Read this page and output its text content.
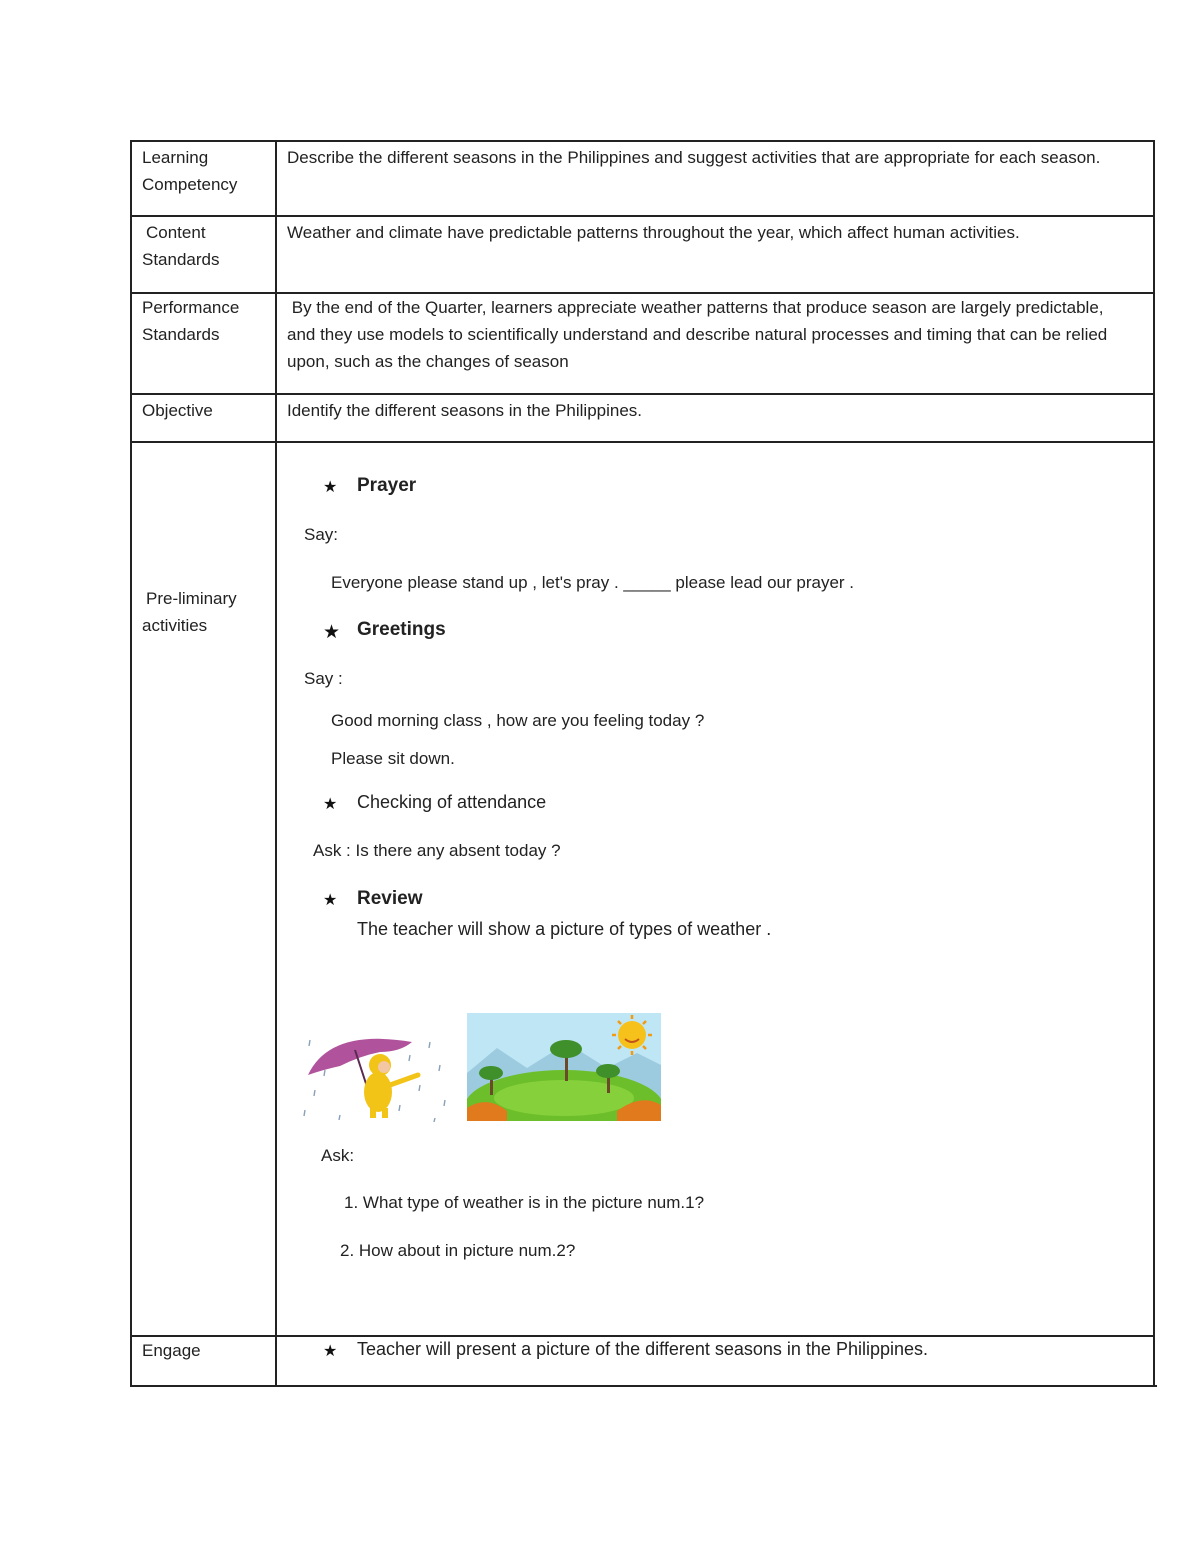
Learning
Competency
Describe the different seasons in the Philippines and suggest activities that are appropriate for each season.
Content
Standards
Weather and climate have predictable patterns throughout the year, which affect human activities.
Performance
Standards
By the end of the Quarter, learners appreciate weather patterns that produce season are largely predictable, and they use models to scientifically understand and describe natural processes and timing that can be relied upon, such as the changes of season
Objective	Identify the different seasons in the Philippines.
Pre-liminary
activities
Engage
★ Prayer
Say:
Everyone please stand up , let's pray . _____ please lead our prayer .
★ Greetings
Say :
Good morning class , how are you feeling today ?
Please sit down.
★ Checking of attendance
Ask : Is there any absent today ?
★ Review
The teacher will show a picture of types of weather .
Ask:
1. What type of weather is in the picture num.1?
2. How about in picture num.2?
★ Teacher will present a picture of the different seasons in the Philippines.
